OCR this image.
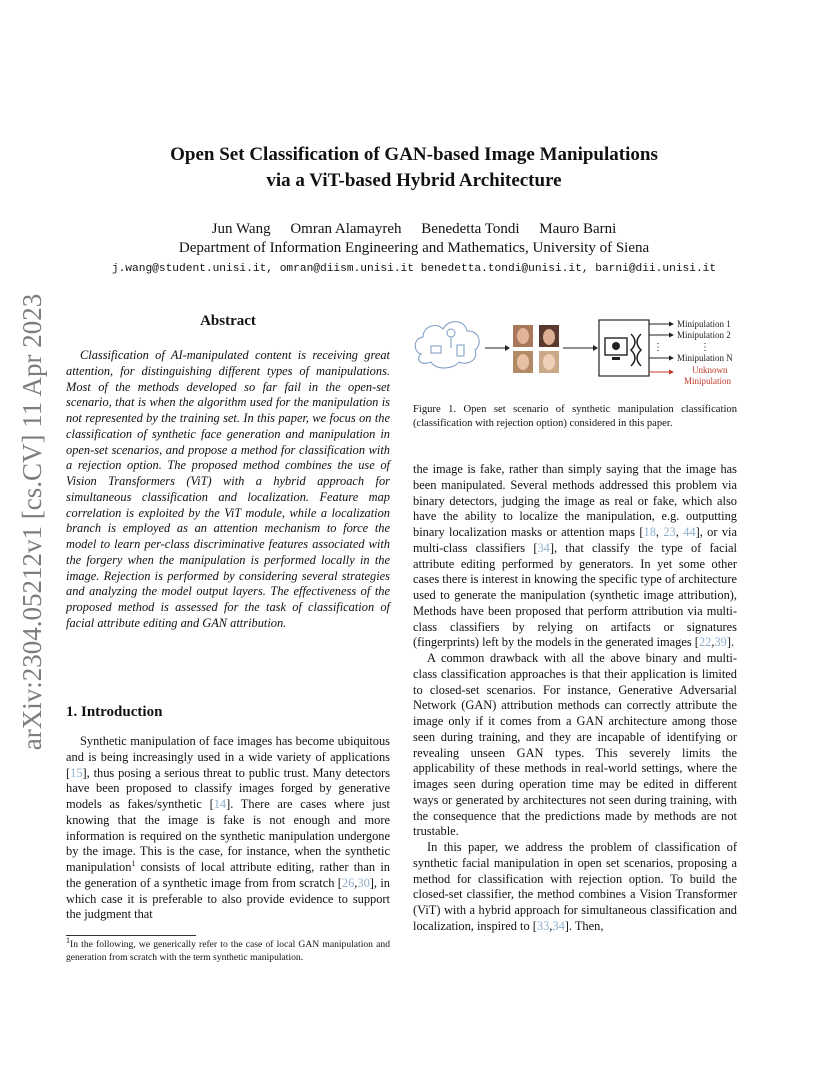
arXiv:2304.05212v1 [cs.CV] 11 Apr 2023
Open Set Classification of GAN-based Image Manipulations
via a ViT-based Hybrid Architecture
Jun Wang Omran Alamayreh Benedetta Tondi Mauro Barni
Department of Information Engineering and Mathematics, University of Siena
j.wang@student.unisi.it, omran@diism.unisi.it benedetta.tondi@unisi.it, barni@dii.unisi.it
Abstract

Classification of AI-manipulated content is receiving great attention, for distinguishing different types of manipulations. Most of the methods developed so far fail in the open-set scenario, that is when the algorithm used for the manipulation is not represented by the training set. In this paper, we focus on the classification of synthetic face generation and manipulation in open-set scenarios, and propose a method for classification with a rejection option. The proposed method combines the use of Vision Transformers (ViT) with a hybrid approach for simultaneous classification and localization. Feature map correlation is exploited by the ViT module, while a localization branch is employed as an attention mechanism to force the model to learn per-class discriminative features associated with the forgery when the manipulation is performed locally in the image. Rejection is performed by considering several strategies and analyzing the model output layers. The effectiveness of the proposed method is assessed for the task of classification of facial attribute editing and GAN attribution.

1. Introduction

Synthetic manipulation of face images has become ubiquitous and is being increasingly used in a wide variety of applications [15], thus posing a serious threat to public trust. Many detectors have been proposed to classify images forged by generative models as fakes/synthetic [14]. There are cases where just knowing that the image is fake is not enough and more information is required on the synthetic manipulation undergone by the image. This is the case, for instance, when the synthetic manipulation$^1$ consists of local attribute editing, rather than in the generation of a synthetic image from from scratch [26,30], in which case it is preferable to also provide evidence to support the judgment that

$^1$In the following, we generically refer to the case of local GAN manipulation and generation from scratch with the term synthetic manipulation.
⋮
Minipulation 1
Minipulation 2
⋮
Minipulation N
Unknown
Minipulation
Figure 1. Open set scenario of synthetic manipulation classification (classification with rejection option) considered in this paper.

the image is fake, rather than simply saying that the image has been manipulated. Several methods addressed this problem via binary detectors, judging the image as real or fake, which also have the ability to localize the manipulation, e.g. outputting binary localization masks or attention maps [18, 23, 44], or via multi-class classifiers [34], that classify the type of facial attribute editing performed by generators. In yet some other cases there is interest in knowing the specific type of architecture used to generate the manipulation (synthetic image attribution), Methods have been proposed that perform attribution via multi-class classifiers by relying on artifacts or signatures (fingerprints) left by the models in the generated images [22,39].

A common drawback with all the above binary and multi-class classification approaches is that their application is limited to closed-set scenarios. For instance, Generative Adversarial Network (GAN) attribution methods can correctly attribute the image only if it comes from a GAN architecture among those seen during training, and they are incapable of identifying or revealing unseen GAN types. This severely limits the applicability of these methods in real-world settings, where the images seen during operation time may be edited in different ways or generated by architectures not seen during training, with the consequence that the predictions made by methods are not trustable.

In this paper, we address the problem of classification of synthetic facial manipulation in open set scenarios, proposing a method for classification with rejection option. To build the closed-set classifier, the method combines a Vision Transformer (ViT) with a hybrid approach for simultaneous classification and localization, inspired to [33,34]. Then,
